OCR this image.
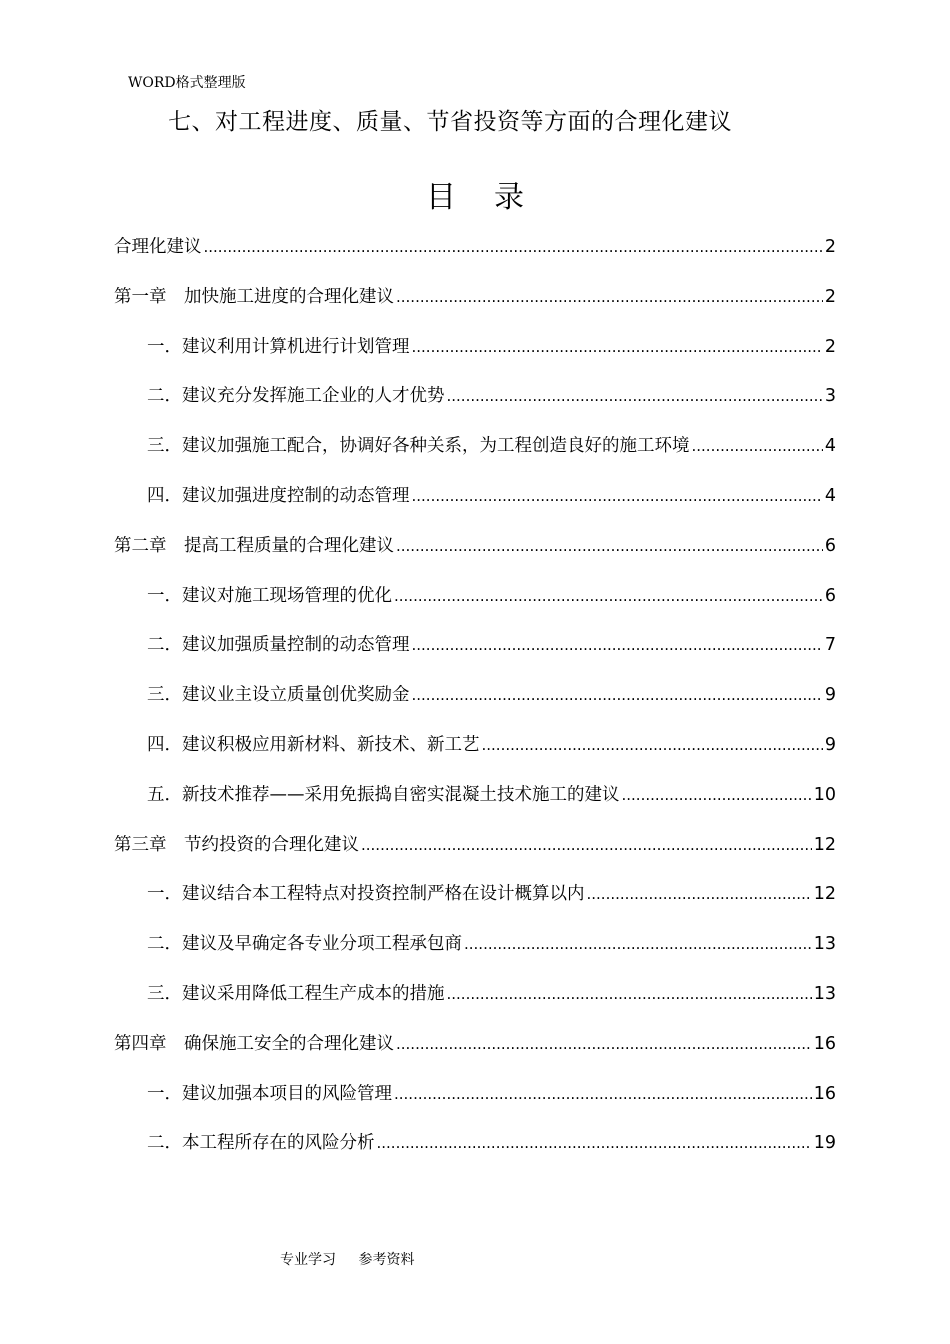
WORD格式整理版
七、对工程进度、质量、节省投资等方面的合理化建议
目录
合理化建议 .....	2
第一章　加快施工进度的合理化建议 .....	2
一．建议利用计算机进行计划管理 .....	2
二．建议充分发挥施工企业的人才优势 .....	3
三．建议加强施工配合，协调好各种关系，为工程创造良好的施工环境 .....	4
四．建议加强进度控制的动态管理 .....	4
第二章　提高工程质量的合理化建议 .....	6
一．建议对施工现场管理的优化 .....	6
二．建议加强质量控制的动态管理 .....	7
三．建议业主设立质量创优奖励金 .....	9
四．建议积极应用新材料、新技术、新工艺 .....	9
五．新技术推荐——采用免振捣自密实混凝土技术施工的建议 .....	10
第三章　节约投资的合理化建议 .....	12
一．建议结合本工程特点对投资控制严格在设计概算以内 .....	12
二．建议及早确定各专业分项工程承包商 .....	13
三．建议采用降低工程生产成本的措施 .....	13
第四章　确保施工安全的合理化建议 .....	16
一．建议加强本项目的风险管理 .....	16
二．本工程所存在的风险分析 .....	19
专业学习 参考资料
